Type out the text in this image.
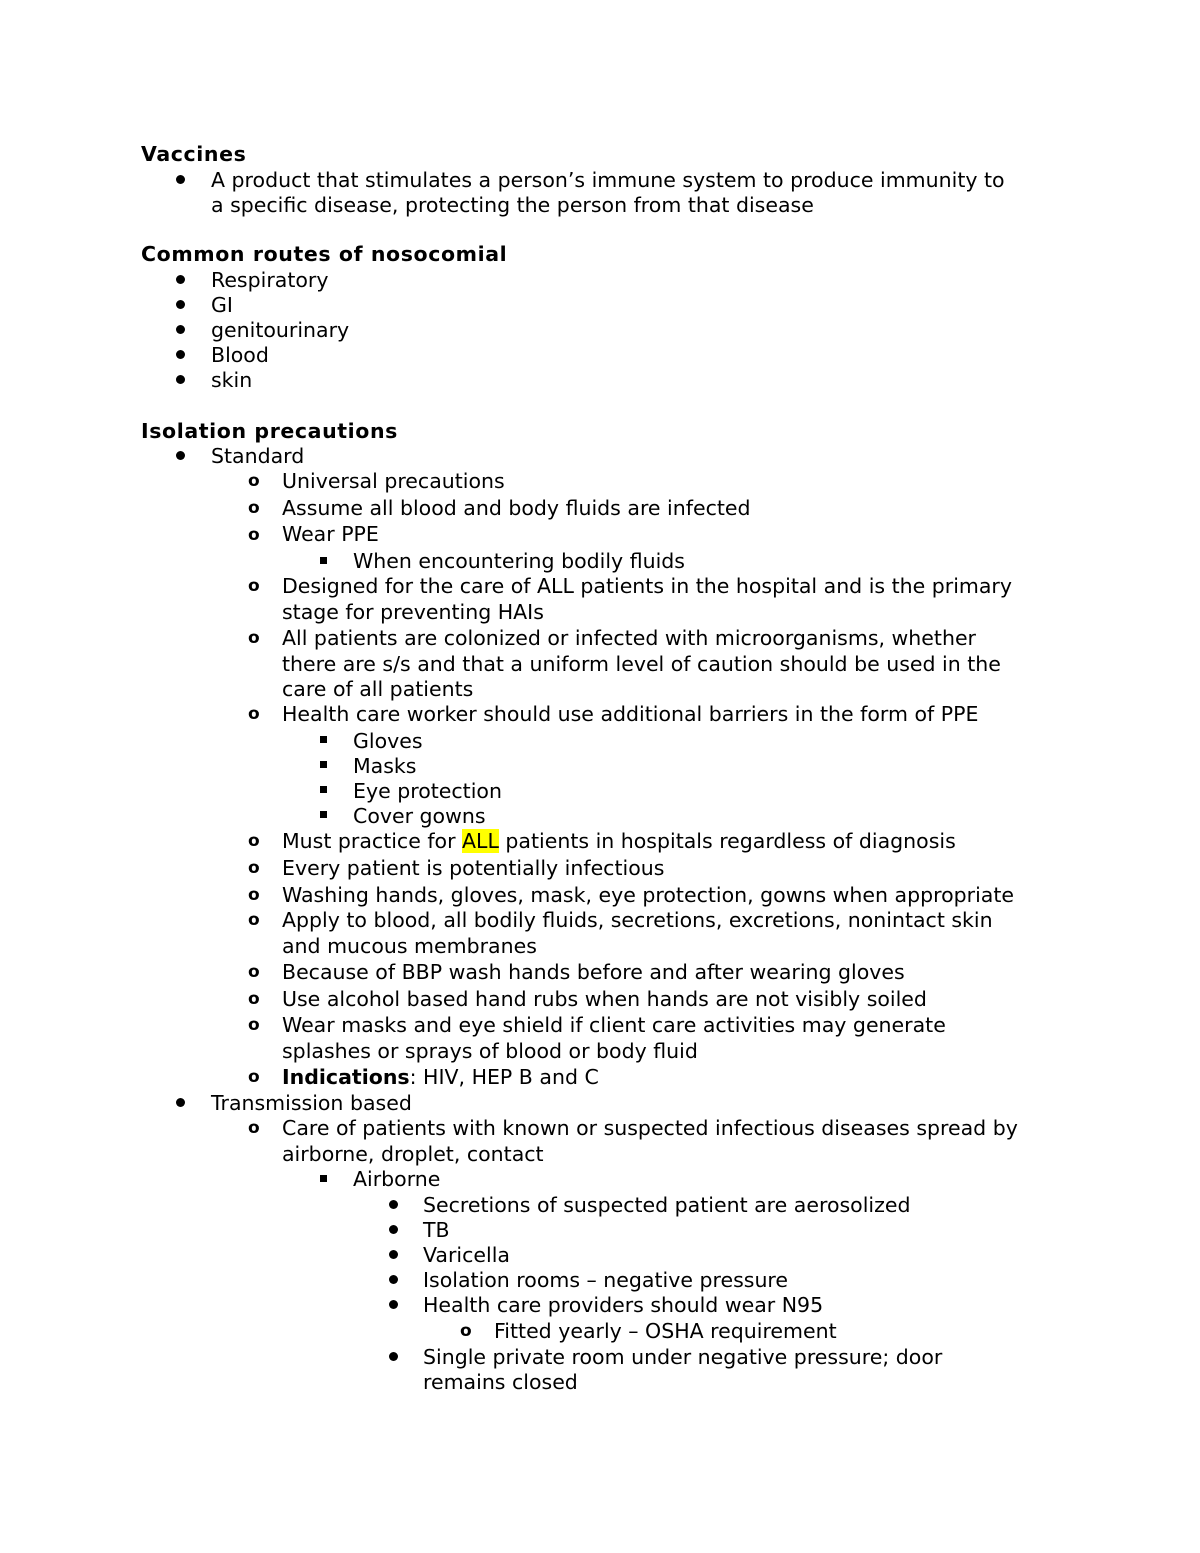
Vaccines
A product that stimulates a person’s immune system to produce immunity to
a specific disease, protecting the person from that disease
Common routes of nosocomial
Respiratory
GI
genitourinary
Blood
skin
Isolation precautions
Standard
o Universal precautions
o Assume all blood and body fluids are infected
o Wear PPE
When encountering bodily fluids
o Designed for the care of ALL patients in the hospital and is the primary
stage for preventing HAIs
o All patients are colonized or infected with microorganisms, whether
there are s/s and that a uniform level of caution should be used in the
care of all patients
o Health care worker should use additional barriers in the form of PPE
Gloves
Masks
Eye protection
Cover gowns
o Must practice for ALL patients in hospitals regardless of diagnosis
o Every patient is potentially infectious
o Washing hands, gloves, mask, eye protection, gowns when appropriate
o Apply to blood, all bodily fluids, secretions, excretions, nonintact skin
and mucous membranes
o Because of BBP wash hands before and after wearing gloves
o Use alcohol based hand rubs when hands are not visibly soiled
o Wear masks and eye shield if client care activities may generate
splashes or sprays of blood or body fluid
o Indications: HIV, HEP B and C
Transmission based
o Care of patients with known or suspected infectious diseases spread by
airborne, droplet, contact
Airborne
Secretions of suspected patient are aerosolized
TB
Varicella
Isolation rooms – negative pressure
Health care providers should wear N95
o Fitted yearly – OSHA requirement
Single private room under negative pressure; door
remains closed
